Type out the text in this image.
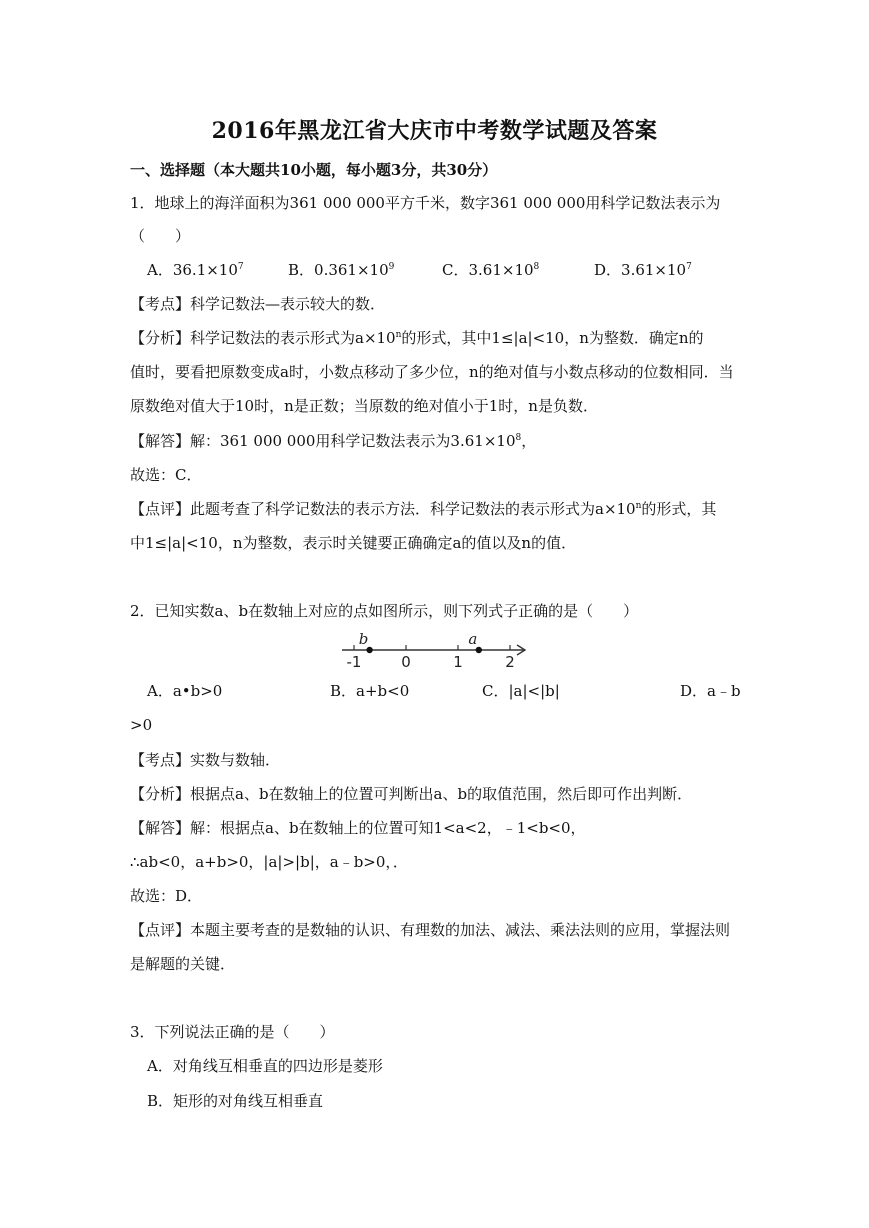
2016年黑龙江省大庆市中考数学试题及答案
一、选择题（本大题共10小题，每小题3分，共30分）
1．地球上的海洋面积为361 000 000平方千米，数字361 000 000用科学记数法表示为
（　　）
A．$36.1\times 10^7$	B．$0.361\times 10^9$	C．$3.61\times 10^8$	D．$3.61\times 10^7$
【考点】科学记数法—表示较大的数．
【分析】科学记数法的表示形式为$a\times 10^n$的形式，其中1≤|a|<10，n为整数．确定n的
值时，要看把原数变成a时，小数点移动了多少位，n的绝对值与小数点移动的位数相同．当
原数绝对值大于10时，n是正数；当原数的绝对值小于1时，n是负数．
【解答】解：361 000 000用科学记数法表示为$3.61\times 10^8$，
故选：C．
【点评】此题考查了科学记数法的表示方法．科学记数法的表示形式为$a\times 10^n$的形式，其
中1≤|a|<10，n为整数，表示时关键要正确确定a的值以及n的值．
2．已知实数a、b在数轴上对应的点如图所示，则下列式子正确的是（　　）
-1	0	1	2
b	a
A．a•b>0	B．a+b<0	C．|a|<|b|	D．a﹣b
>0
【考点】实数与数轴．
【分析】根据点a、b在数轴上的位置可判断出a、b的取值范围，然后即可作出判断．
【解答】解：根据点a、b在数轴上的位置可知1<a<2，﹣1<b<0，
∴ab<0，a+b>0，|a|>|b|，a﹣b>0，．
故选：D．
【点评】本题主要考查的是数轴的认识、有理数的加法、减法、乘法法则的应用，掌握法则
是解题的关键．
3．下列说法正确的是（　　）
A．对角线互相垂直的四边形是菱形
B．矩形的对角线互相垂直
